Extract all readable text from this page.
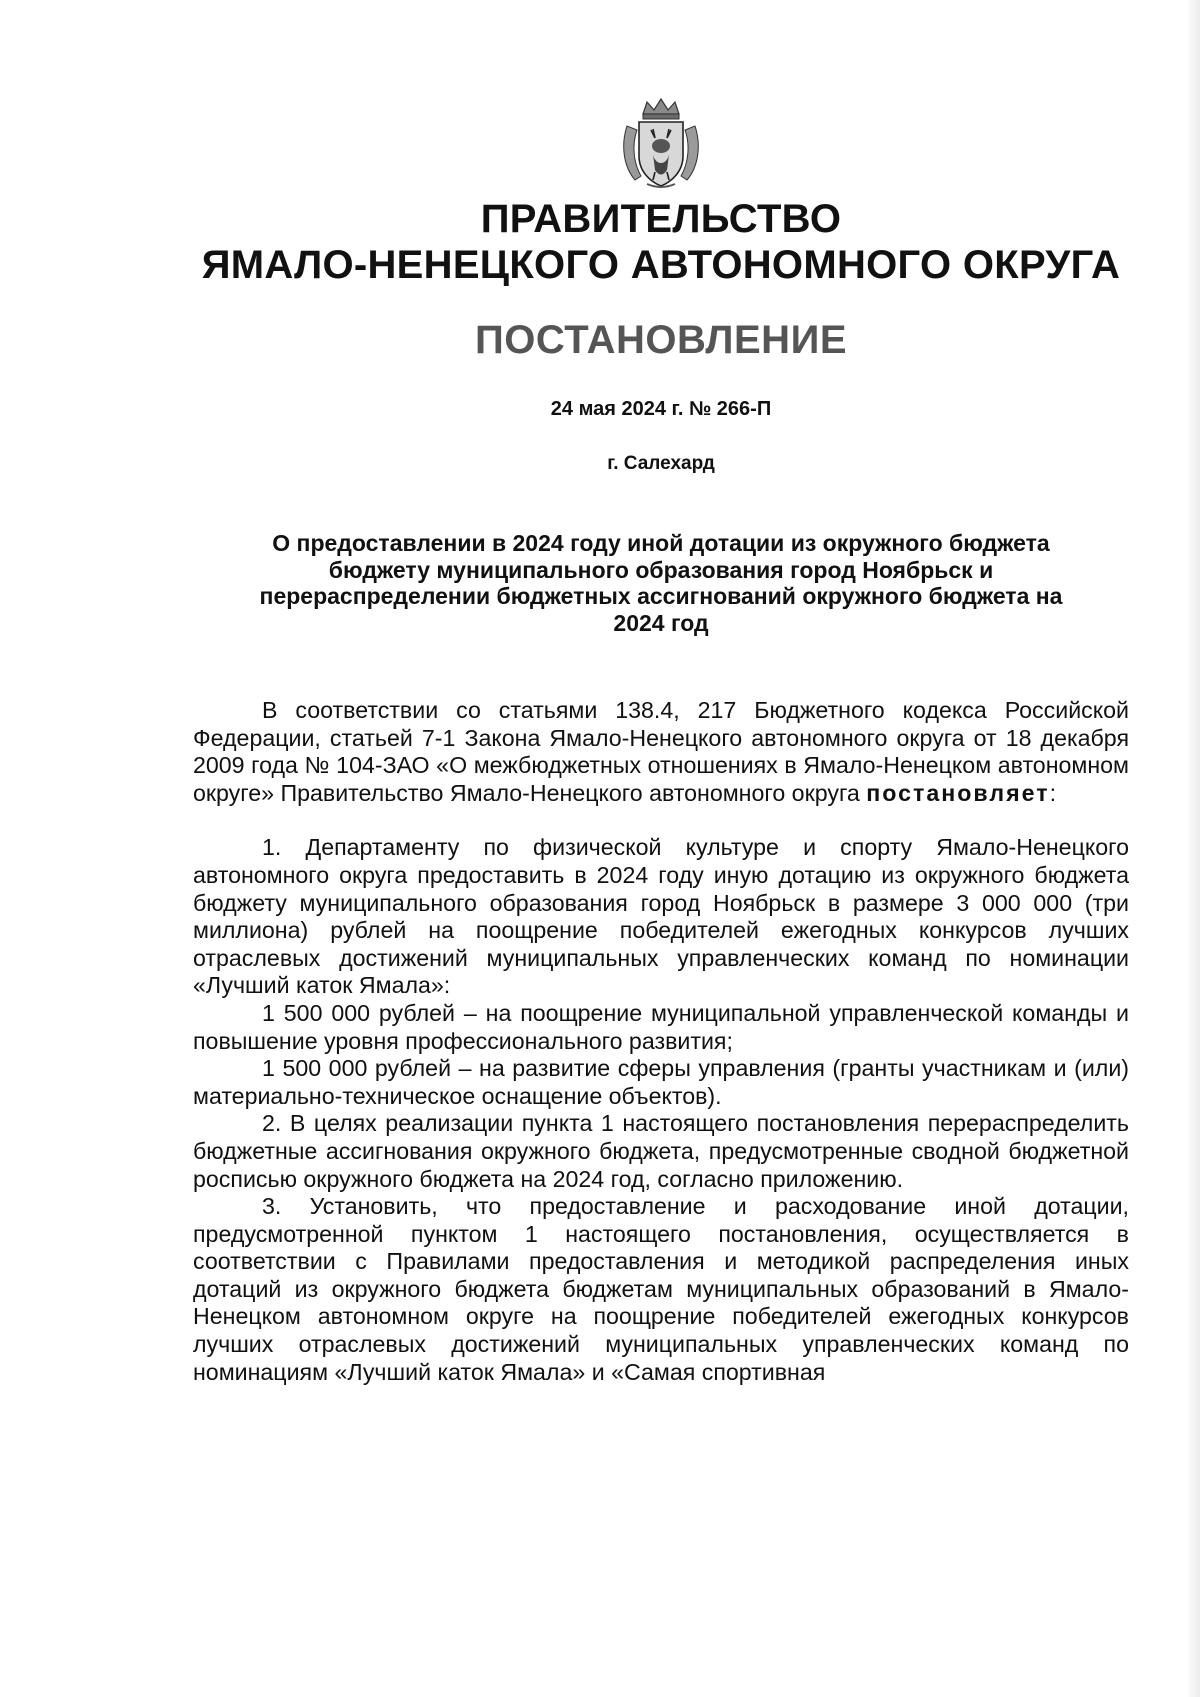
ПРАВИТЕЛЬСТВО
ЯМАЛО-НЕНЕЦКОГО АВТОНОМНОГО ОКРУГА
ПОСТАНОВЛЕНИЕ
24 мая 2024 г. № 266-П
г. Салехард
О предоставлении в 2024 году иной дотации из окружного бюджета
бюджету муниципального образования город Ноябрьск и
перераспределении бюджетных ассигнований окружного бюджета на
2024 год

В соответствии со статьями 138.4, 217 Бюджетного кодекса Российской Федерации, статьей 7-1 Закона Ямало-Ненецкого автономного округа от 18 декабря 2009 года № 104-ЗАО «О межбюджетных отношениях в Ямало-Ненецком автономном округе» Правительство Ямало-Ненецкого автономного округа постановляет:

1. Департаменту по физической культуре и спорту Ямало-Ненецкого автономного округа предоставить в 2024 году иную дотацию из окружного бюджета бюджету муниципального образования город Ноябрьск в размере 3 000 000 (три миллиона) рублей на поощрение победителей ежегодных конкурсов лучших отраслевых достижений муниципальных управленческих команд по номинации «Лучший каток Ямала»:

1 500 000 рублей – на поощрение муниципальной управленческой команды и повышение уровня профессионального развития;

1 500 000 рублей – на развитие сферы управления (гранты участникам и (или) материально-техническое оснащение объектов).

2. В целях реализации пункта 1 настоящего постановления перераспределить бюджетные ассигнования окружного бюджета, предусмотренные сводной бюджетной росписью окружного бюджета на 2024 год, согласно приложению.

3. Установить, что предоставление и расходование иной дотации, предусмотренной пунктом 1 настоящего постановления, осуществляется в соответствии с Правилами предоставления и методикой распределения иных дотаций из окружного бюджета бюджетам муниципальных образований в Ямало-Ненецком автономном округе на поощрение победителей ежегодных конкурсов лучших отраслевых достижений муниципальных управленческих команд по номинациям «Лучший каток Ямала» и «Самая спортивная
